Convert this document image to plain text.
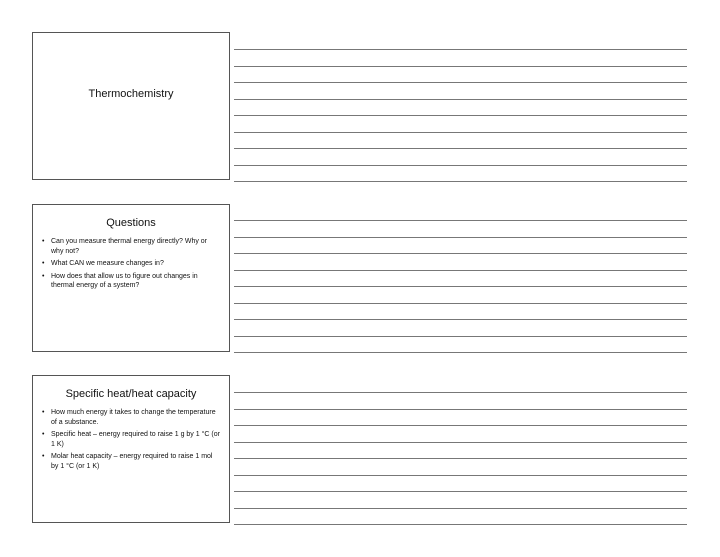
Thermochemistry
Questions
• Can you measure thermal energy directly? Why or why not?
• What CAN we measure changes in?
• How does that allow us to figure out changes in thermal energy of a system?
Specific heat/heat capacity
• How much energy it takes to change the temperature of a substance.
• Specific heat – energy required to raise 1 g by 1 °C (or 1 K)
• Molar heat capacity – energy required to raise 1 mol by 1 °C (or 1 K)
